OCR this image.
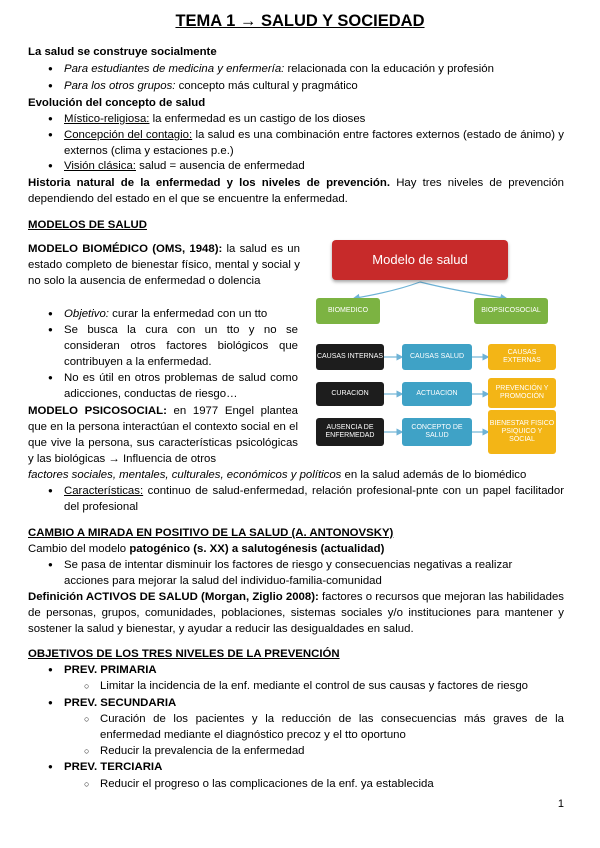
TEMA 1 → SALUD Y SOCIEDAD
La salud se construye socialmente
● Para estudiantes de medicina y enfermería: relacionada con la educación y profesión
● Para los otros grupos: concepto más cultural y pragmático
Evolución del concepto de salud
● Místico-religiosa: la enfermedad es un castigo de los dioses
● Concepción del contagio: la salud es una combinación entre factores externos (estado de ánimo) y externos (clima y estaciones p.e.)
● Visión clásica: salud = ausencia de enfermedad
Historia natural de la enfermedad y los niveles de prevención. Hay tres niveles de prevención dependiendo del estado en el que se encuentre la enfermedad.
MODELOS DE SALUD
MODELO BIOMÉDICO (OMS, 1948): la salud es un estado completo de bienestar físico, mental y social y no solo la ausencia de enfermedad o dolencia
● Objetivo: curar la enfermedad con un tto
● Se busca la cura con un tto y no se consideran otros factores biológicos que contribuyen a la enfermedad.
● No es útil en otros problemas de salud como adicciones, conductas de riesgo…
MODELO PSICOSOCIAL: en 1977 Engel plantea que en la persona interactúan el contexto social en el que vive la persona, sus características psicológicas y las biológicas → Influencia de otros
factores sociales, mentales, culturales, económicos y políticos en la salud además de lo biomédico
● Características: continuo de salud-enfermedad, relación profesional-pnte con un papel facilitador del profesional
CAMBIO A MIRADA EN POSITIVO DE LA SALUD (A. ANTONOVSKY)
Cambio del modelo patogénico (s. XX) a salutogénesis (actualidad)
● Se pasa de intentar disminuir los factores de riesgo y consecuencias negativas a realizar acciones para mejorar la salud del individuo-familia-comunidad
Definición ACTIVOS DE SALUD (Morgan, Ziglio 2008): factores o recursos que mejoran las habilidades de personas, grupos, comunidades, poblaciones, sistemas sociales y/o instituciones para mantener y sostener la salud y bienestar, y ayudar a reducir las desigualdades en salud.
OBJETIVOS DE LOS TRES NIVELES DE LA PREVENCIÓN
● PREV. PRIMARIA
○ Limitar la incidencia de la enf. mediante el control de sus causas y factores de riesgo
● PREV. SECUNDARIA
○ Curación de los pacientes y la reducción de las consecuencias más graves de la enfermedad mediante el diagnóstico precoz y el tto oportuno
○ Reducir la prevalencia de la enfermedad
● PREV. TERCIARIA
○ Reducir el progreso o las complicaciones de la enf. ya establecida
Modelo de salud
BIOMEDICO	BIOPSICOSOCIAL
CAUSAS INTERNAS	CAUSAS SALUD
CAUSAS EXTERNAS
CURACION	ACTUACION
PREVENCIÓN Y PROMOCIÓN
AUSENCIA DE ENFERMEDAD
CONCEPTO DE SALUD
BIENESTAR FISICO PSIQUICO Y SOCIAL
1
